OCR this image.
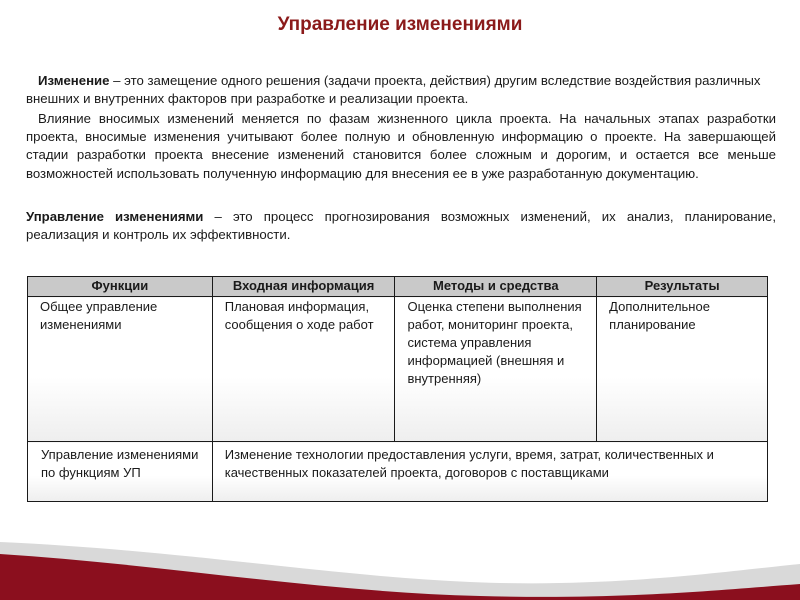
Управление изменениями

Изменение – это замещение одного решения (задачи проекта, действия) другим вследствие воздействия различных внешних и внутренних факторов при разработке и реализации проекта.

Влияние вносимых изменений меняется по фазам жизненного цикла проекта. На начальных этапах разработки проекта, вносимые изменения учитывают более полную и обновленную информацию о проекте. На завершающей стадии разработки проекта внесение изменений становится более сложным и дорогим, и остается все меньше возможностей использовать полученную информацию для внесения ее в уже разработанную документацию.

Управление изменениями – это процесс прогнозирования возможных изменений, их анализ, планирование, реализация и контроль их эффективности.

Функции	Входная информация	Методы и средства	Результаты
Общее управление изменениями	Плановая информация, сообщения о ходе работ	Оценка степени выполнения работ, мониторинг проекта, система управления информацией (внешняя и внутренняя)	Дополнительное планирование
Управление изменениями по функциям УП	Изменение технологии предоставления услуги, время, затрат, количественных и качественных показателей проекта, договоров с поставщиками		
